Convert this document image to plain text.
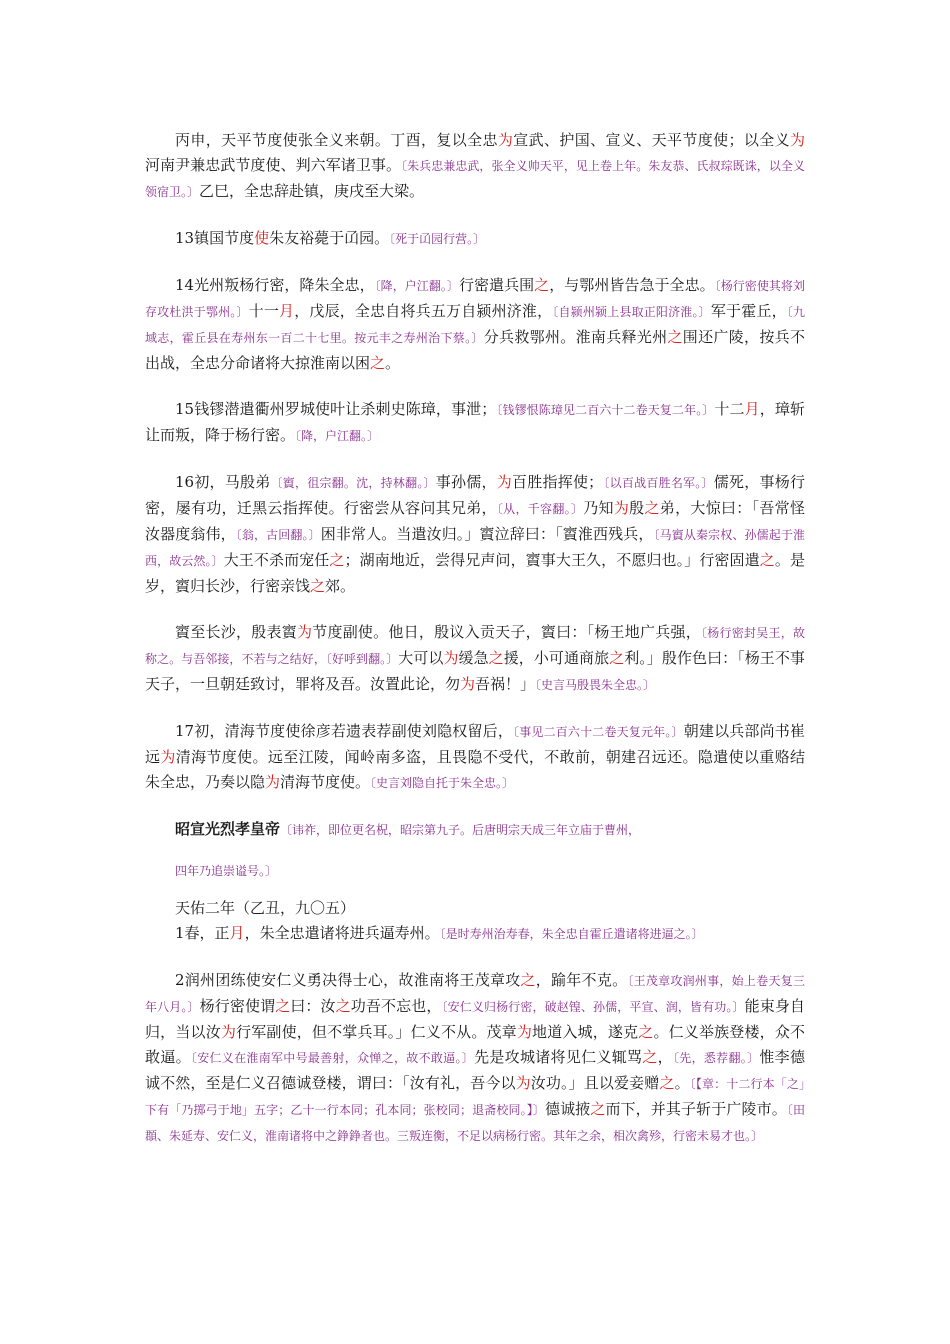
丙申，天平节度使张全义来朝。丁酉，复以全忠为宣武、护国、宣义、天平节度使；以全义为河南尹兼忠武节度使、判六军诸卫事。〔朱兵忠兼忠武，张全义帅天平，见上卷上年。朱友恭、氏叔琮既诛，以全义领宿卫。〕乙巳，全忠辞赴镇，庚戌至大梁。

13镇国节度使朱友裕薨于𠙶园。〔死于𠙶园行营。〕

14光州叛杨行密，降朱全忠，〔降，户江翻。〕行密遣兵围之，与鄂州皆告急于全忠。〔杨行密使其将刘存攻杜洪于鄂州。〕十一月，戊辰，全忠自将兵五万自颍州济淮，〔自颍州颍上县取正阳济淮。〕军于霍丘，〔九域志，霍丘县在寿州东一百二十七里。按元丰之寿州治下蔡。〕分兵救鄂州。淮南兵释光州之围还广陵，按兵不出战，全忠分命诸将大掠淮南以困之。

15钱镠潜遣衢州罗城使叶让杀刺史陈璋，事泄；〔钱镠恨陈璋见二百六十二卷天复二年。〕十二月，璋斩让而叛，降于杨行密。〔降，户江翻。〕

16初，马殷弟〔賨，徂宗翻。沈，持林翻。〕事孙儒，为百胜指挥使；〔以百战百胜名军。〕儒死，事杨行密，屡有功，迁黑云指挥使。行密尝从容问其兄弟，〔从，千容翻。〕乃知为殷之弟，大惊曰：「吾常怪汝器度翁伟，〔翁，古回翻。〕困非常人。当遣汝归。」賨泣辞曰：「賨淮西残兵，〔马賨从秦宗权、孙儒起于淮西，故云然。〕大王不杀而宠任之；湖南地近，尝得兄声问，賨事大王久，不愿归也。」行密固遣之。是岁，賨归长沙，行密亲饯之郊。

賨至长沙，殷表賨为节度副使。他日，殷议入贡天子，賨曰：「杨王地广兵强，〔杨行密封吴王，故称之。与吾邻接，不若与之结好，〔好呼到翻。〕大可以为缓急之援，小可通商旅之利。」殷作色曰：「杨王不事天子，一旦朝廷致讨，罪将及吾。汝置此论，勿为吾祸！」〔史言马殷畏朱全忠。〕

17初，清海节度使徐彦若遗表荐副使刘隐权留后，〔事见二百六十二卷天复元年。〕朝建以兵部尚书崔远为清海节度使。远至江陵，闻岭南多盗，且畏隐不受代，不敢前，朝建召远还。隐遣使以重赂结朱全忠，乃奏以隐为清海节度使。〔史言刘隐自托于朱全忠。〕

昭宣光烈孝皇帝〔讳祚，即位更名柷，昭宗第九子。后唐明宗天成三年立庙于曹州，

四年乃追崇谥号。〕

天佑二年（乙丑，九〇五）

1春，正月，朱全忠遣诸将进兵逼寿州。〔是时寿州治寿春，朱全忠自霍丘遣诸将进逼之。〕

2润州团练使安仁义勇决得士心，故淮南将王茂章攻之，踰年不克。〔王茂章攻润州事，始上卷天复三年八月。〕杨行密使谓之曰：汝之功吾不忘也，〔安仁义归杨行密，破赵锽、孙儒，平宣、润，皆有功。〕能束身自归，当以汝为行军副使，但不掌兵耳。」仁义不从。茂章为地道入城，遂克之。仁义举族登楼，众不敢逼。〔安仁义在淮南军中号最善射，众惮之，故不敢逼。〕先是攻城诸将见仁义辄骂之，〔先，悉荐翻。〕惟李德诚不然，至是仁义召德诚登楼，谓曰：「汝有礼，吾今以为汝功。」且以爱妾赠之。〔【章：十二行本「之」下有「乃掷弓于地」五字；乙十一行本同；孔本同；张校同；退斋校同。】〕德诚掖之而下，并其子斩于广陵市。〔田頵、朱延寿、安仁义，淮南诸将中之錚錚者也。三叛连衡，不足以病杨行密。其年之余，相次禽殄，行密未易才也。〕
